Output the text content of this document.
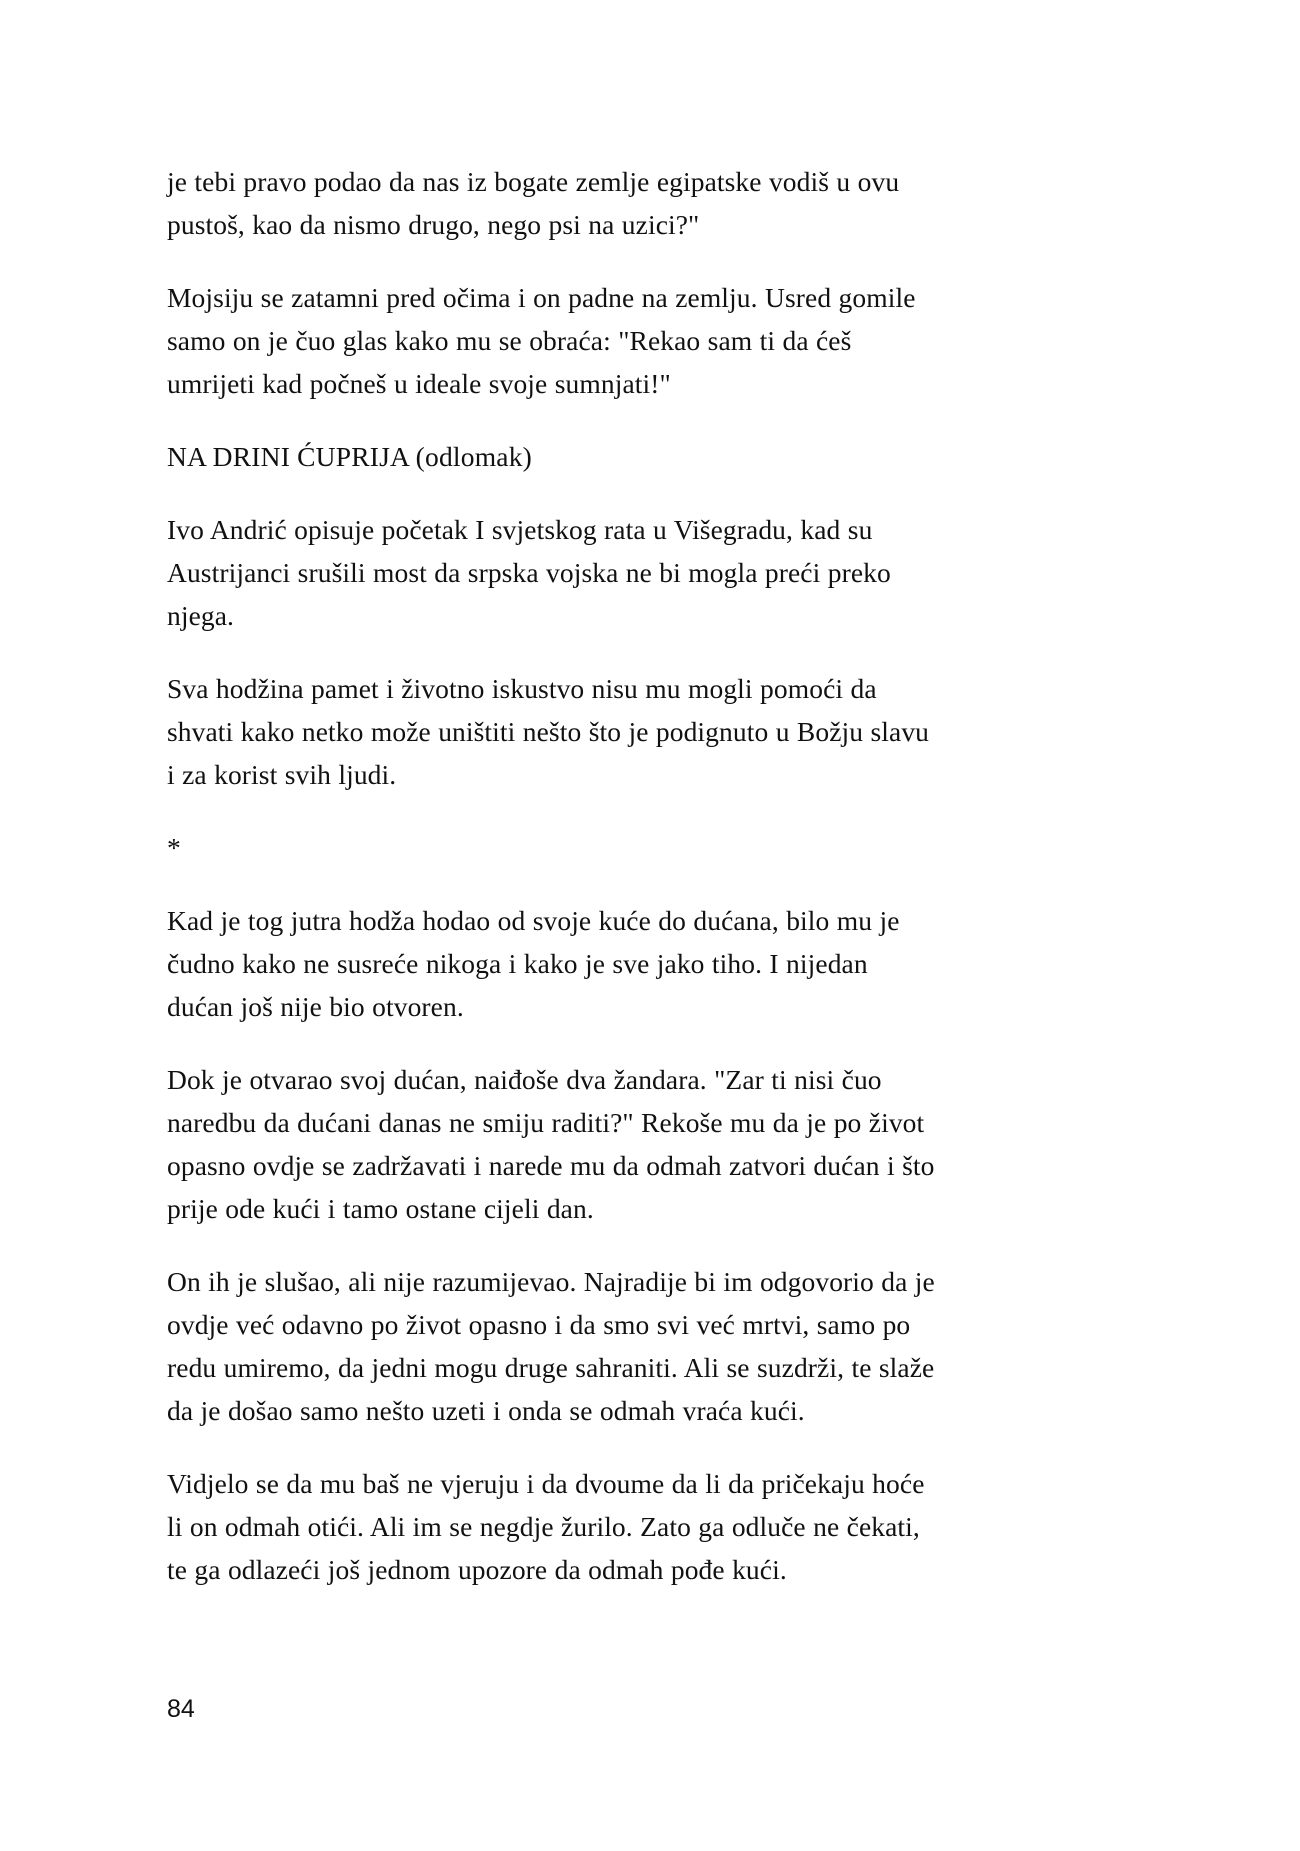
je tebi pravo podao da nas iz bogate zemlje egipatske vodiš u ovu pustoš, kao da nismo drugo, nego psi na uzici?"

Mojsiju se zatamni pred očima i on padne na zemlju. Usred gomile samo on je čuo glas kako mu se obraća: "Rekao sam ti da ćeš umrijeti kad počneš u ideale svoje sumnjati!"

NA DRINI ĆUPRIJA (odlomak)

Ivo Andrić opisuje početak I svjetskog rata u Višegradu, kad su Austrijanci srušili most da srpska vojska ne bi mogla preći preko njega.

Sva hodžina pamet i životno iskustvo nisu mu mogli pomoći da shvati kako netko može uništiti nešto što je podignuto u Božju slavu i za korist svih ljudi.

*

Kad je tog jutra hodža hodao od svoje kuće do dućana, bilo mu je čudno kako ne susreće nikoga i kako je sve jako tiho. I nijedan dućan još nije bio otvoren.

Dok je otvarao svoj dućan, naiđoše dva žandara. "Zar ti nisi čuo naredbu da dućani danas ne smiju raditi?" Rekoše mu da je po život opasno ovdje se zadržavati i narede mu da odmah zatvori dućan i što prije ode kući i tamo ostane cijeli dan.

On ih je slušao, ali nije razumijevao. Najradije bi im odgovorio da je ovdje već odavno po život opasno i da smo svi već mrtvi, samo po redu umiremo, da jedni mogu druge sahraniti. Ali se suzdrži, te slaže da je došao samo nešto uzeti i onda se odmah vraća kući.

Vidjelo se da mu baš ne vjeruju i da dvoume da li da pričekaju hoće li on odmah otići. Ali im se negdje žurilo. Zato ga odluče ne čekati, te ga odlazeći još jednom upozore da odmah pođe kući.

84
